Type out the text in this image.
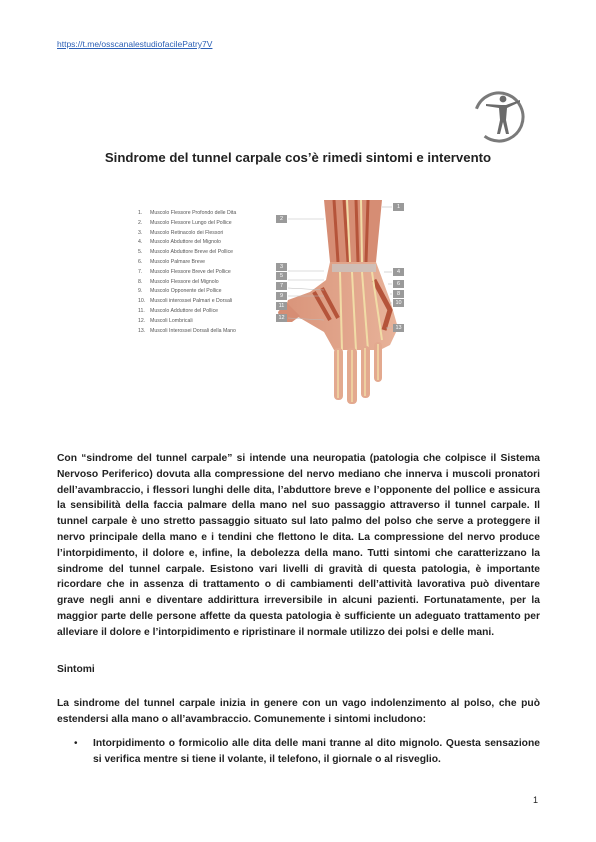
https://t.me/osscanalestudiofacilePatry7V
Sindrome del tunnel carpale cos’è rimedi sintomi e intervento
1.	Muscolo Flessore Profondo delle Dita
2.	Muscolo Flessore Lungo del Pollice
3.	Muscolo Retinacolo dei Flessori
4.	Muscolo Abduttore del Mignolo
5.	Muscolo Abduttore Breve del Pollice
6.	Muscolo Palmare Breve
7.	Muscolo Flessore Breve del Pollice
8.	Muscolo Flessore del Mignolo
9.	Muscolo Opponente del Pollice
10. Muscoli interossei Palmari e Dorsali
11. Muscolo Adduttore del Pollice
12. Muscoli Lombricali
13. Muscoli Interossei Dorsali della Mano
1
2
3
4
5
6
7
8
9
10
11
12
13
Con “sindrome del tunnel carpale” si intende una neuropatia (patologia che colpisce il Sistema Nervoso Periferico) dovuta alla compressione del nervo mediano che innerva i muscoli pronatori dell’avambraccio, i flessori lunghi delle dita, l’abduttore breve e l’opponente del pollice e assicura la sensibilità della faccia palmare della mano nel suo passaggio attraverso il tunnel carpale. Il tunnel carpale è uno stretto passaggio situato sul lato palmo del polso che serve a proteggere il nervo principale della mano e i tendini che flettono le dita. La compressione del nervo produce l’intorpidimento, il dolore e, infine, la debolezza della mano. Tutti sintomi che caratterizzano la sindrome del tunnel carpale. Esistono vari livelli di gravità di questa patologia, è importante ricordare che in assenza di trattamento o di cambiamenti dell’attività lavorativa può diventare grave negli anni e diventare addirittura irreversibile in alcuni pazienti. Fortunatamente, per la maggior parte delle persone affette da questa patologia è sufficiente un adeguato trattamento per alleviare il dolore e l’intorpidimento e ripristinare il normale utilizzo dei polsi e delle mani.
Sintomi
La sindrome del tunnel carpale inizia in genere con un vago indolenzimento al polso, che può estendersi alla mano o all’avambraccio. Comunemente i sintomi includono:
•	Intorpidimento o formicolio alle dita delle mani tranne al dito mignolo. Questa sensazione si verifica mentre si tiene il volante, il telefono, il giornale o al risveglio.
1
